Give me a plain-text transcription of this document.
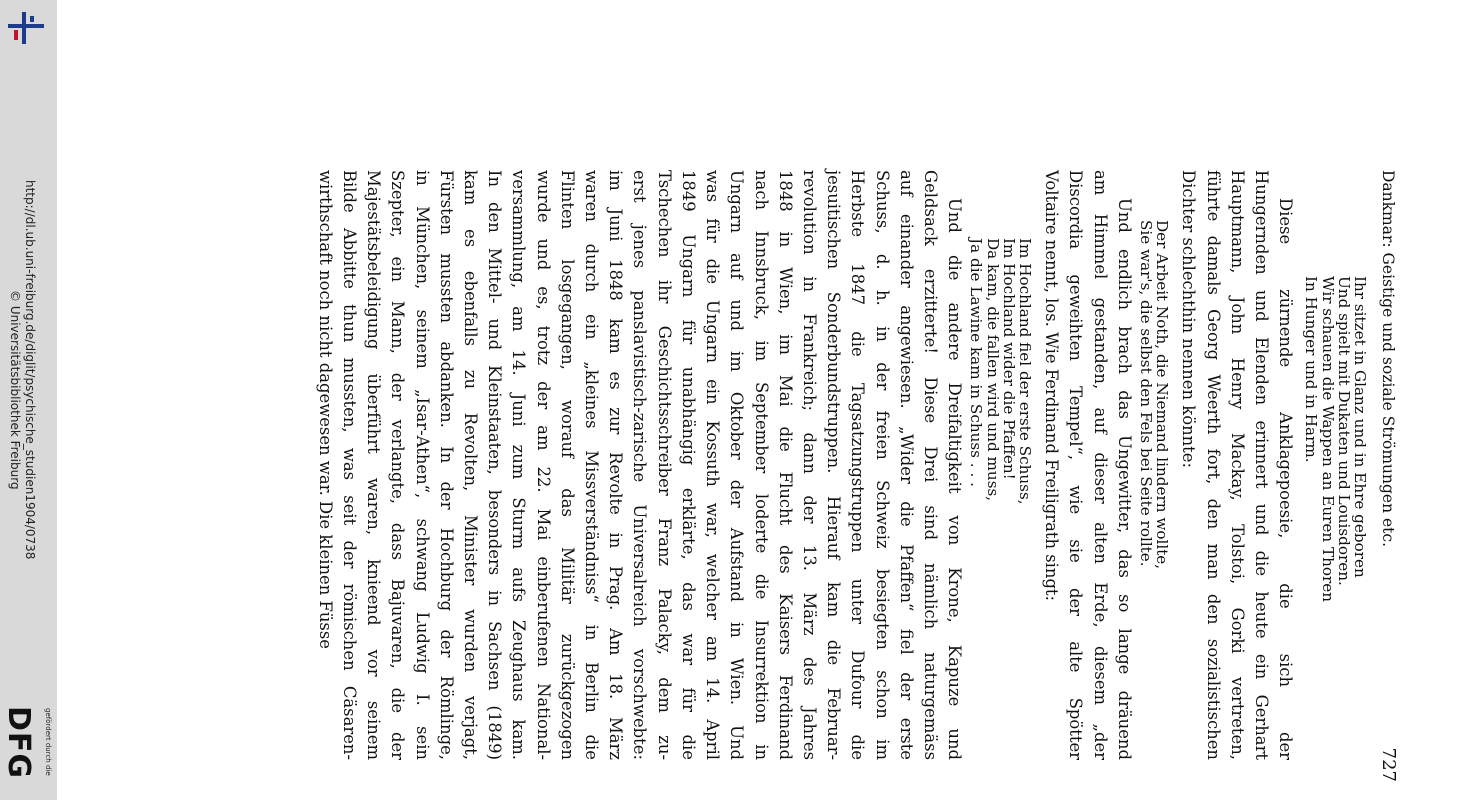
http://dl.ub.uni-freiburg.de/diglit/psychische_studien1904/0738
© Universitätsbibliothek Freiburg
gefördert durch die
DFG
Dankmar: Geistige und soziale Strömungen etc.
727
Ihr sitzet in Glanz und in Ehre geboren
Und spielt mit Dukaten und Louisdoren.
Wir schauen die Wappen an Euren Thoren
In Hunger und in Harm.
Diese zürnende Anklagepoesie, die sich der
Hungernden und Elenden erinnert und die heute ein Gerhart
Hauptmann, John Henry Mackay, Tolstoi, Gorki vertreten,
führte damals Georg Weerth fort, den man den sozialistischen
Dichter schlechthin nennen könnte:
Der Arbeit Noth, die Niemand lindern wollte,
Sie war's, die selbst den Fels bei Seite rollte.
Und endlich brach das Ungewitter, das so lange dräuend
am Himmel gestanden, auf dieser alten Erde, diesem „der
Discordia geweihten Tempel“, wie sie der alte Spötter
Voltaire nennt, los. Wie Ferdinand Freiligrath singt:
Im Hochland fiel der erste Schuss,
Im Hochland wider die Pfaffen!
Da kam, die fallen wird und muss,
Ja die Lawine kam in Schuss . . .
Und die andere Dreifaltigkeit von Krone, Kapuze und
Geldsack erzitterte! Diese Drei sind nämlich naturgemäss
auf einander angewiesen. „Wider die Pfaffen“ fiel der erste
Schuss, d. h. in der freien Schweiz besiegten schon im
Herbste 1847 die Tagsatzungstruppen unter Dufour die
jesuitischen Sonderbundstruppen. Hierauf kam die Februar-
revolution in Frankreich; dann der 13. März des Jahres
1848 in Wien, im Mai die Flucht des Kaisers Ferdinand
nach Innsbruck, im September loderte die Insurrektion in
Ungarn auf und im Oktober der Aufstand in Wien. Und
was für die Ungarn ein Kossuth war, welcher am 14. April
1849 Ungarn für unabhängig erklärte, das war für die
Tschechen ihr Geschichtsschreiber Franz Palacky, dem zu-
erst jenes panslavistisch-zarische Universalreich vorschwebte:
im Juni 1848 kam es zur Revolte in Prag. Am 18. März
waren durch ein „kleines Missverständniss“ in Berlin die
Flinten losgegangen, worauf das Militär zurückgezogen
wurde und es, trotz der am 22. Mai einberufenen National-
versammlung, am 14. Juni zum Sturm aufs Zeughaus kam.
In den Mittel- und Kleinstaaten, besonders in Sachsen (1849)
kam es ebenfalls zu Revolten, Minister wurden verjagt,
Fürsten mussten abdanken. In der Hochburg der Römlinge,
in München, seinem „Isar-Athen“, schwang Ludwig I. sein
Szepter, ein Mann, der verlangte, dass Bajuvaren, die der
Majestätsbeleidigung überführt waren, knieend vor seinem
Bilde Abbitte thun mussten, was seit der römischen Cäsaren-
wirthschaft noch nicht dagewesen war. Die kleinen Füsse
